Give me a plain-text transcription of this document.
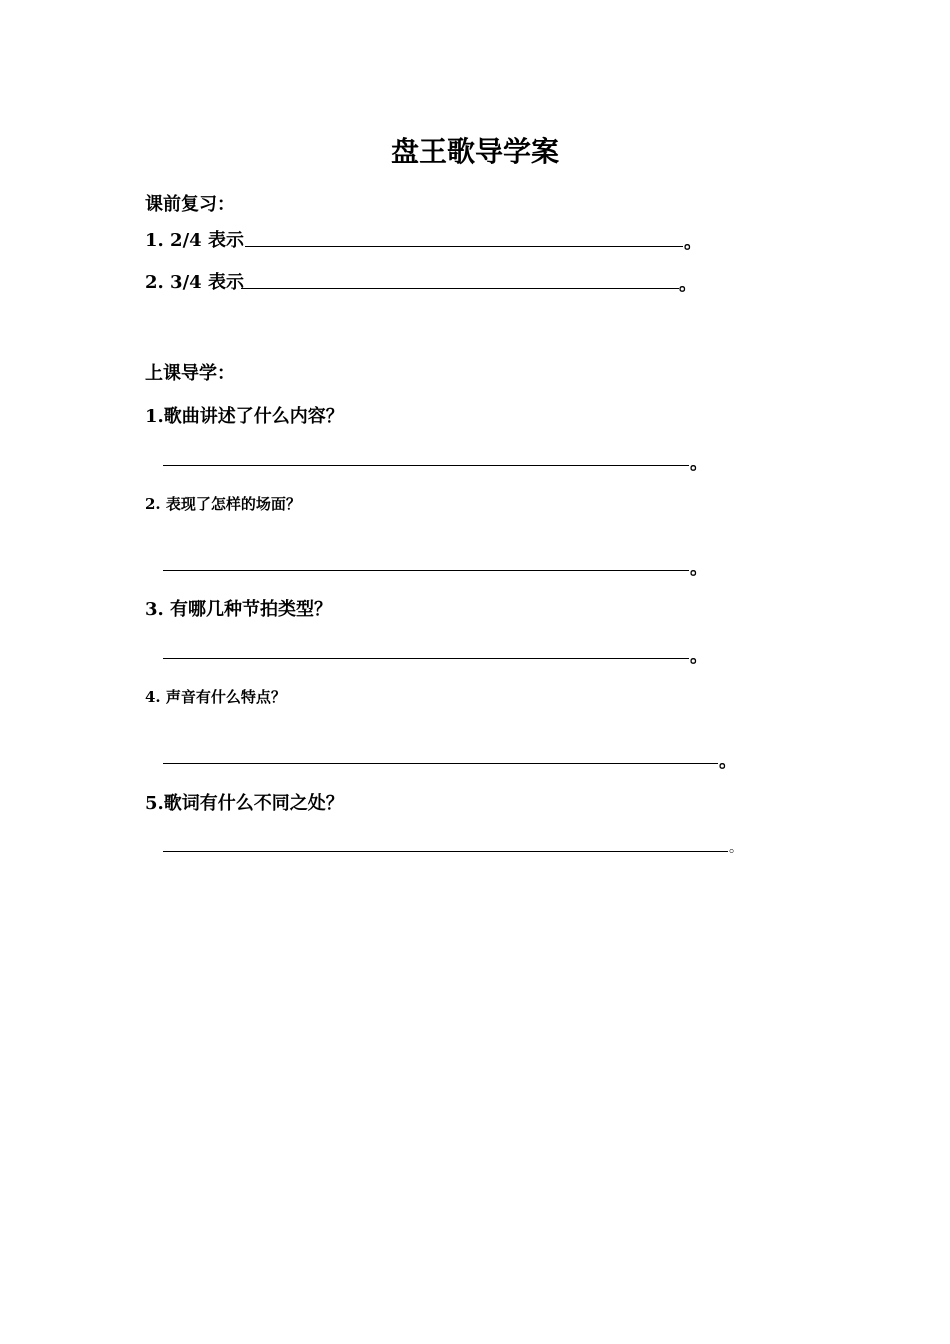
盘王歌导学案
课前复习：
1. 2/4 表示	。
2. 3/4 表示	。
上课导学：
1.歌曲讲述了什么内容？
。
2. 表现了怎样的场面？
。
3. 有哪几种节拍类型？
。
4. 声音有什么特点？
。
5.歌词有什么不同之处？
。
